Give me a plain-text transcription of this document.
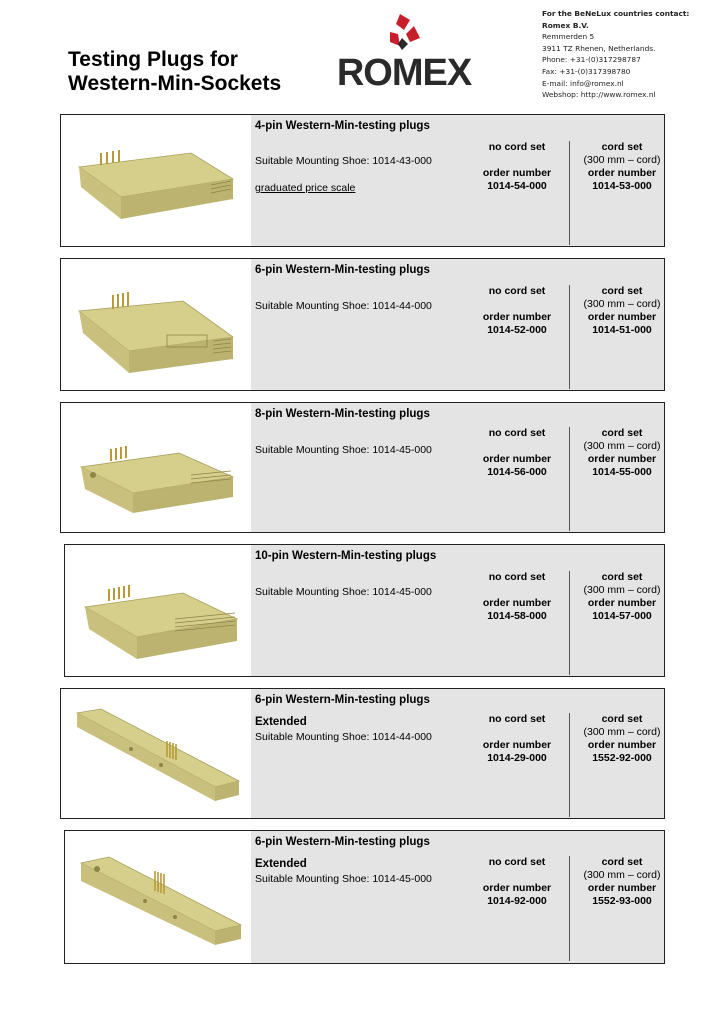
Testing Plugs for
Western-Min-Sockets	ROMEX
For the BeNeLux countries contact:
Romex B.V.
Remmerden 5
3911 TZ Rhenen, Netherlands.
Phone: +31-(0)317298787
Fax: +31-(0)317398780
E-mail: info@romex.nl
Webshop: http://www.romex.nl
4-pin Western-Min-testing plugs
Suitable Mounting Shoe: 1014-43-000
graduated price scale
no cord set
order number
1014-54-000
cord set
(300 mm – cord)
order number
1014-53-000
6-pin Western-Min-testing plugs
Suitable Mounting Shoe: 1014-44-000
no cord set
order number
1014-52-000
cord set
(300 mm – cord)
order number
1014-51-000
8-pin Western-Min-testing plugs
Suitable Mounting Shoe: 1014-45-000
no cord set
order number
1014-56-000
cord set
(300 mm – cord)
order number
1014-55-000
10-pin Western-Min-testing plugs
Suitable Mounting Shoe: 1014-45-000
no cord set
order number
1014-58-000
cord set
(300 mm – cord)
order number
1014-57-000
6-pin Western-Min-testing plugs
Extended
Suitable Mounting Shoe: 1014-44-000
no cord set
order number
1014-29-000
cord set
(300 mm – cord)
order number
1552-92-000
6-pin Western-Min-testing plugs
Extended
Suitable Mounting Shoe: 1014-45-000
no cord set
order number
1014-92-000
cord set
(300 mm – cord)
order number
1552-93-000
